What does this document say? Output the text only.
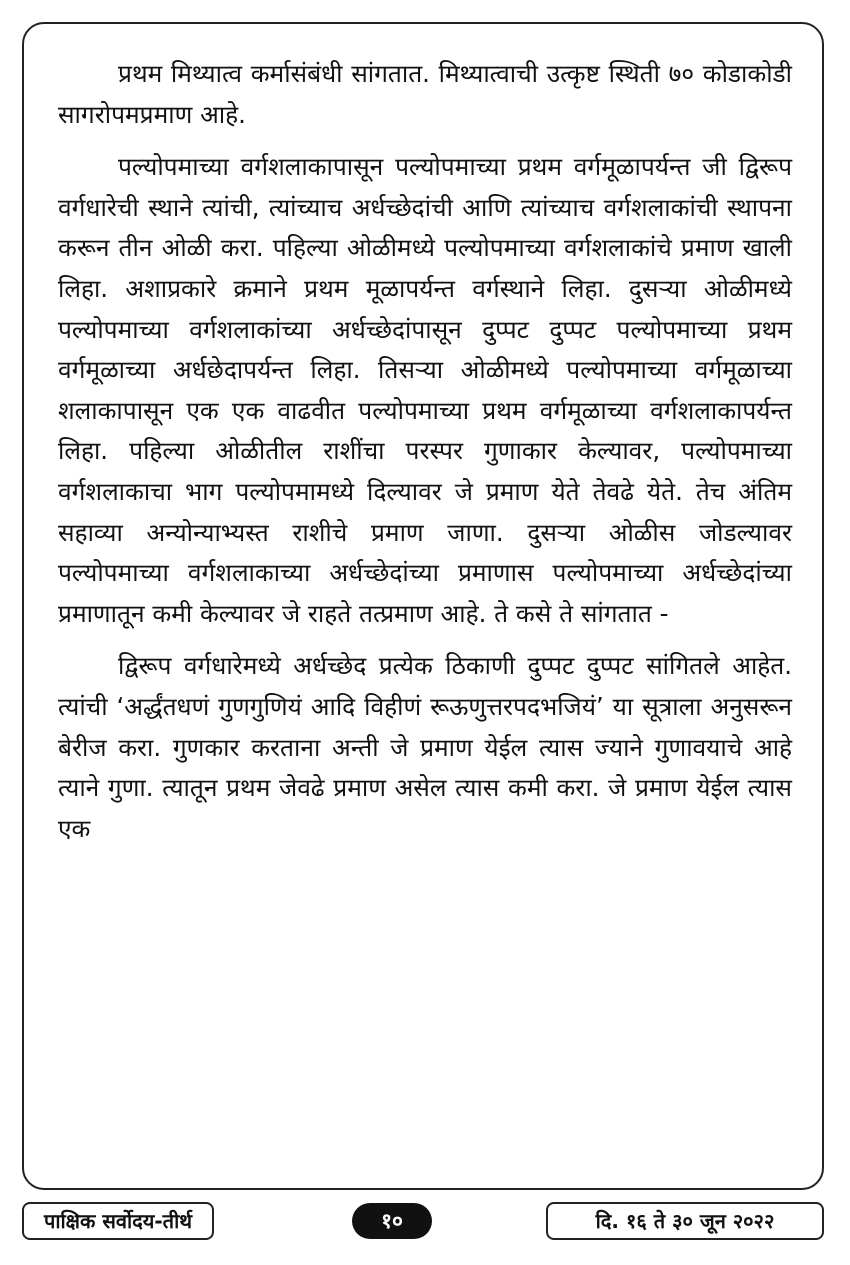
प्रथम मिथ्यात्व कर्मासंबंधी सांगतात. मिथ्यात्वाची उत्कृष्ट स्थिती ७० कोडाकोडी सागरोपमप्रमाण आहे.

पल्योपमाच्या वर्गशलाकापासून पल्योपमाच्या प्रथम वर्गमूळापर्यन्त जी द्विरूप वर्गधारेची स्थाने त्यांची, त्यांच्याच अर्धच्छेदांची आणि त्यांच्याच वर्गशलाकांची स्थापना करून तीन ओळी करा. पहिल्या ओळीमध्ये पल्योपमाच्या वर्गशलाकांचे प्रमाण खाली लिहा. अशाप्रकारे क्रमाने प्रथम मूळापर्यन्त वर्गस्थाने लिहा. दुसऱ्या ओळीमध्ये पल्योपमाच्या वर्गशलाकांच्या अर्धच्छेदांपासून दुप्पट दुप्पट पल्योपमाच्या प्रथम वर्गमूळाच्या अर्धछेदापर्यन्त लिहा. तिसऱ्या ओळीमध्ये पल्योपमाच्या वर्गमूळाच्या शलाकापासून एक एक वाढवीत पल्योपमाच्या प्रथम वर्गमूळाच्या वर्गशलाकापर्यन्त लिहा. पहिल्या ओळीतील राशींचा परस्पर गुणाकार केल्यावर, पल्योपमाच्या वर्गशलाकाचा भाग पल्योपमामध्ये दिल्यावर जे प्रमाण येते तेवढे येते. तेच अंतिम सहाव्या अन्योन्याभ्यस्त राशीचे प्रमाण जाणा. दुसऱ्या ओळीस जोडल्यावर पल्योपमाच्या वर्गशलाकाच्या अर्धच्छेदांच्या प्रमाणास पल्योपमाच्या अर्धच्छेदांच्या प्रमाणातून कमी केल्यावर जे राहते तत्प्रमाण आहे. ते कसे ते सांगतात -

द्विरूप वर्गधारेमध्ये अर्धच्छेद प्रत्येक ठिकाणी दुप्पट दुप्पट सांगितले आहेत. त्यांची ‘अर्द्धंतधणं गुणगुणियं आदि विहीणं रूऊणुत्तरपदभजियं’ या सूत्राला अनुसरून बेरीज करा. गुणकार करताना अन्ती जे प्रमाण येईल त्यास ज्याने गुणावयाचे आहे त्याने गुणा. त्यातून प्रथम जेवढे प्रमाण असेल त्यास कमी करा. जे प्रमाण येईल त्यास एक

पाक्षिक सर्वोदय-तीर्थ	१०	दि. १६ ते ३० जून २०२२
